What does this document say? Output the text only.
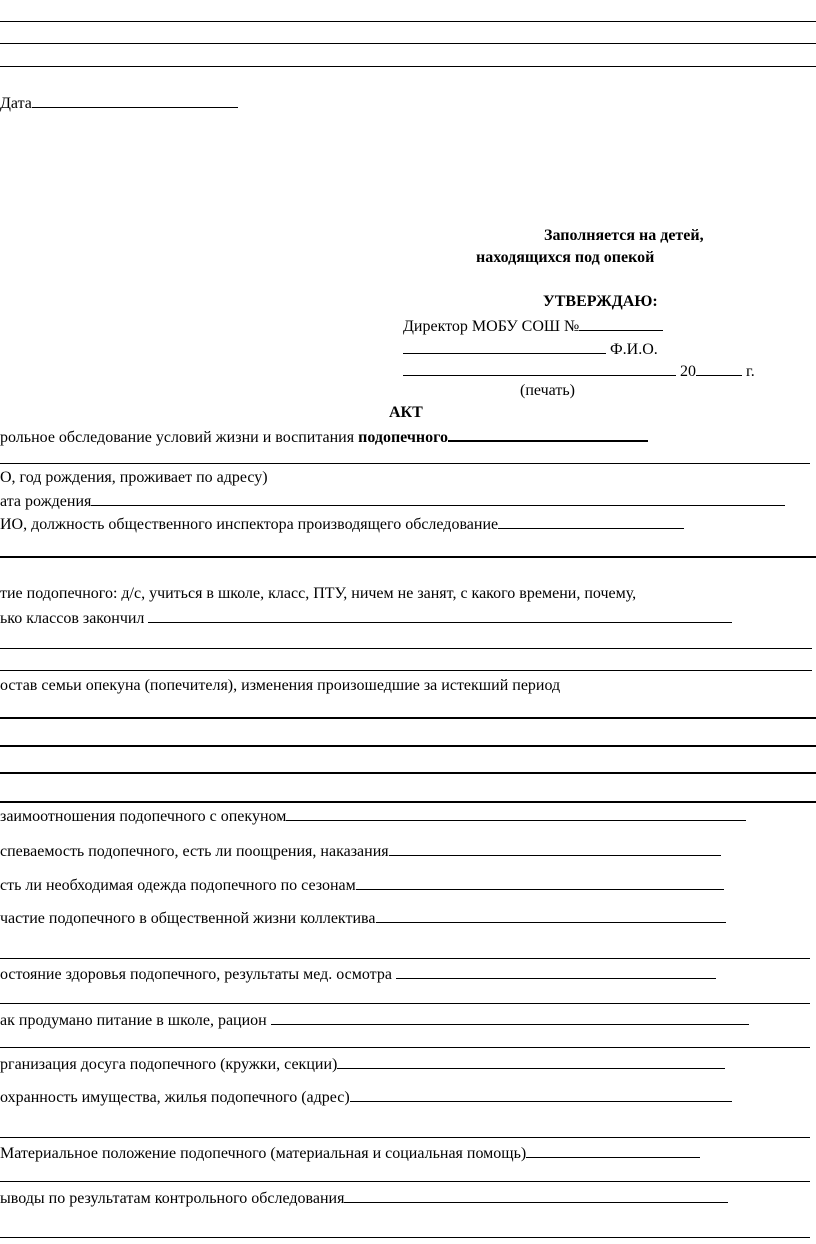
Дата
Заполняется на детей,
находящихся под опекой
УТВЕРЖДАЮ:
Директор МОБУ СОШ №
Ф.И.О.
20	г.
(печать)
АКТ
рольное обследование условий жизни и воспитания подопечного
О, год рождения, проживает по адресу)
ата рождения
ИО, должность общественного инспектора производящего обследование
тие подопечного: д/с, учиться в школе, класс, ПТУ, ничем не занят, с какого времени, почему,
ько классов закончил
остав семьи опекуна (попечителя), изменения произошедшие за истекший период
заимоотношения подопечного с опекуном
спеваемость подопечного, есть ли поощрения, наказания
сть ли необходимая одежда подопечного по сезонам
частие подопечного в общественной жизни коллектива
остояние здоровья подопечного, результаты мед. осмотра
ак продумано питание в школе, рацион
рганизация досуга подопечного (кружки, секции)
охранность имущества, жилья подопечного (адрес)
Материальное положение подопечного (материальная и социальная помощь)
ыводы по результатам контрольного обследования
